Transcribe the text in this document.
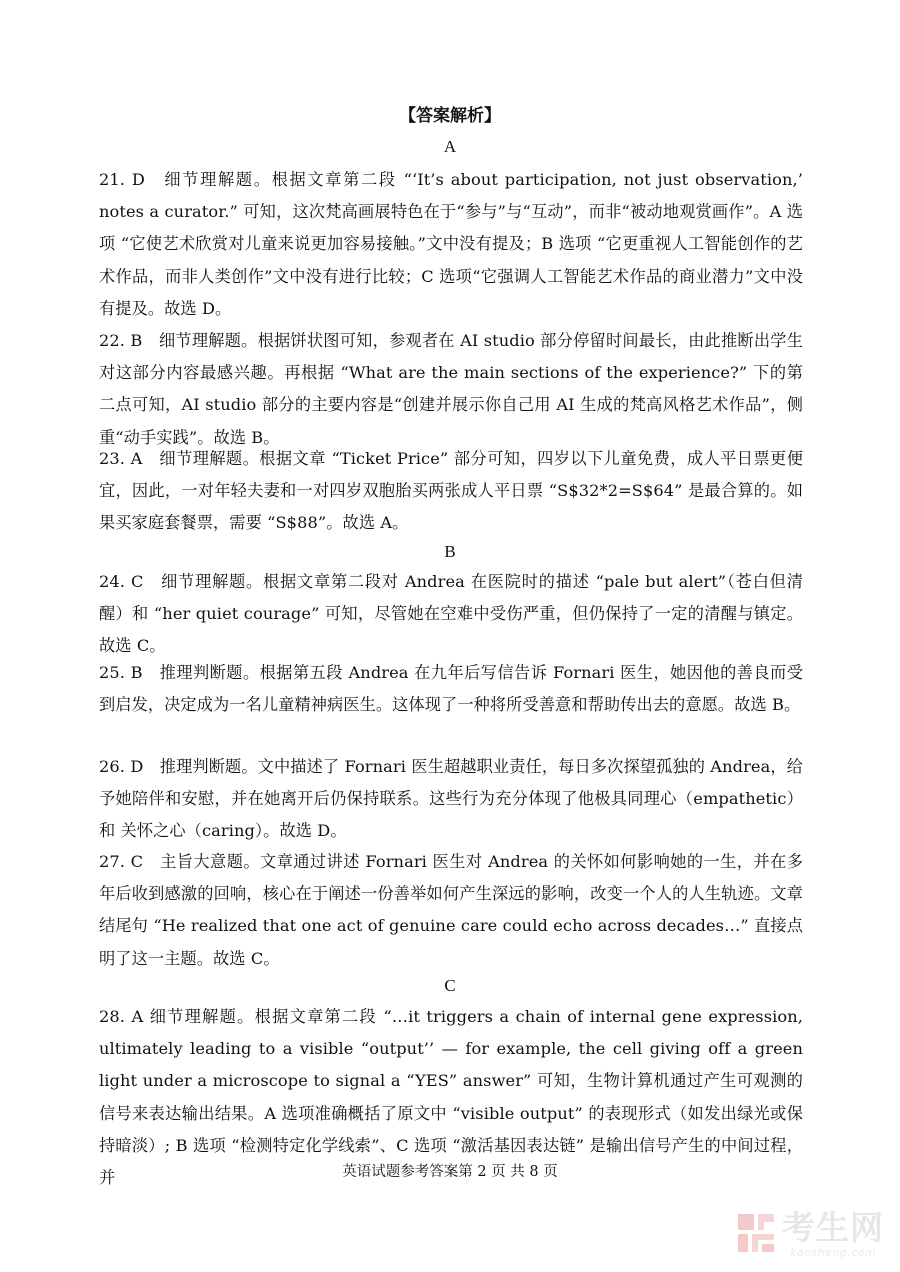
【答案解析】
A
21. D　细节理解题。根据文章第二段 “‘It’s about participation, not just observation,’ notes a curator.” 可知，这次梵高画展特色在于“参与”与“互动”，而非“被动地观赏画作”。A 选项 “它使艺术欣赏对儿童来说更加容易接触。”文中没有提及；B 选项 “它更重视人工智能创作的艺术作品，而非人类创作”文中没有进行比较；C 选项“它强调人工智能艺术作品的商业潜力”文中没有提及。故选 D。
22. B　细节理解题。根据饼状图可知，参观者在 AI studio 部分停留时间最长，由此推断出学生对这部分内容最感兴趣。再根据 “What are the main sections of the experience?” 下的第二点可知，AI studio 部分的主要内容是“创建并展示你自己用 AI 生成的梵高风格艺术作品”，侧重“动手实践”。故选 B。
23. A　细节理解题。根据文章 “Ticket Price” 部分可知，四岁以下儿童免费，成人平日票更便宜，因此，一对年轻夫妻和一对四岁双胞胎买两张成人平日票 “S$32*2=S$64” 是最合算的。如果买家庭套餐票，需要 “S$88”。故选 A。
B
24. C　细节理解题。根据文章第二段对 Andrea 在医院时的描述 “pale but alert”（苍白但清醒）和 “her quiet courage” 可知，尽管她在空难中受伤严重，但仍保持了一定的清醒与镇定。故选 C。
25. B　推理判断题。根据第五段 Andrea 在九年后写信告诉 Fornari 医生，她因他的善良而受到启发，决定成为一名儿童精神病医生。这体现了一种将所受善意和帮助传出去的意愿。故选 B。
26. D　推理判断题。文中描述了 Fornari 医生超越职业责任，每日多次探望孤独的 Andrea，给予她陪伴和安慰，并在她离开后仍保持联系。这些行为充分体现了他极具同理心（empathetic） 和 关怀之心（caring）。故选 D。
27. C　主旨大意题。文章通过讲述 Fornari 医生对 Andrea 的关怀如何影响她的一生，并在多年后收到感激的回响，核心在于阐述一份善举如何产生深远的影响，改变一个人的人生轨迹。文章结尾句 “He realized that one act of genuine care could echo across decades…” 直接点明了这一主题。故选 C。
C
28. A 细节理解题。根据文章第二段 “…it triggers a chain of internal gene expression, ultimately leading to a visible “output’’ — for example, the cell giving off a green light under a microscope to signal a “YES” answer” 可知，生物计算机通过产生可观测的信号来表达输出结果。A 选项准确概括了原文中 “visible output” 的表现形式（如发出绿光或保持暗淡）; B 选项 “检测特定化学线索”、C 选项 “激活基因表达链” 是输出信号产生的中间过程，并	英语试题参考答案第 2 页 共 8 页
考生网
kaosheng.com
